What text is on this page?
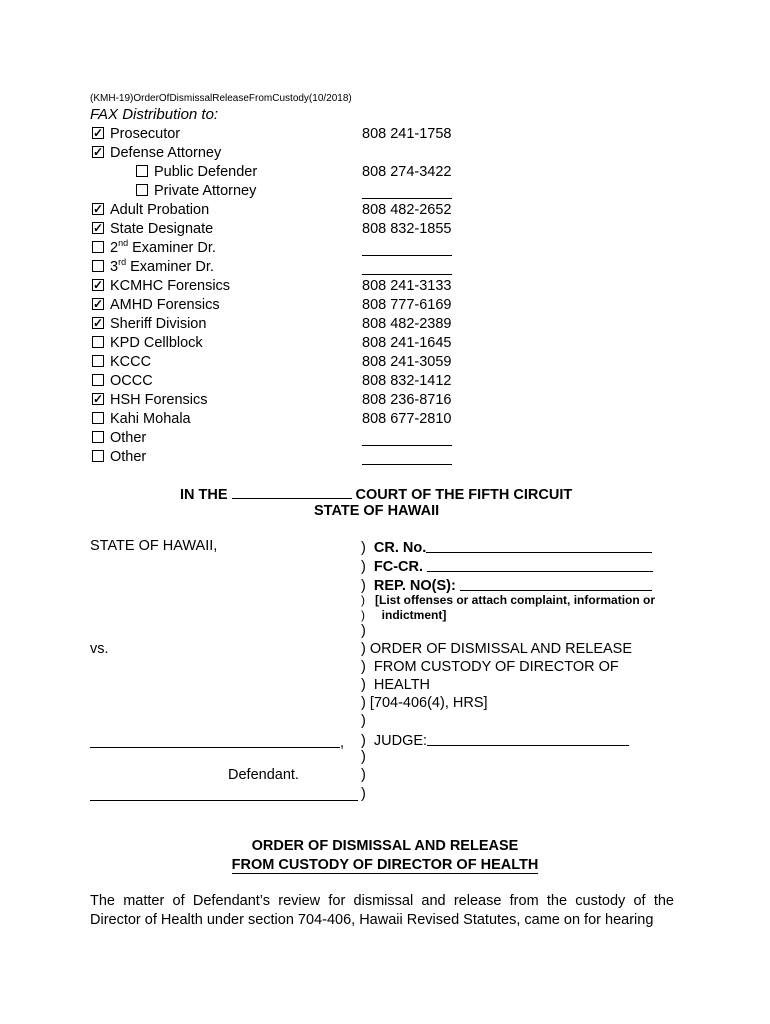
(KMH-19)OrderOfDismissalReleaseFromCustody(10/2018)
FAX Distribution to:
✓ Prosecutor	808 241-1758
✓ Defense Attorney
Public Defender	808 274-3422
Private Attorney
✓ Adult Probation	808 482-2652
✓ State Designate	808 832-1855
2nd Examiner Dr.
3rd Examiner Dr.
✓ KCMHC Forensics	808 241-3133
✓ AMHD Forensics	808 777-6169
✓ Sheriff Division	808 482-2389
KPD Cellblock	808 241-1645
KCCC	808 241-3059
OCCC	808 832-1412
✓ HSH Forensics	808 236-8716
Kahi Mohala	808 677-2810
Other
Other
IN THE	COURT OF THE FIFTH CIRCUIT
STATE OF HAWAII
STATE OF HAWAII,
vs.
,
Defendant.
)  CR. No.
)  FC-CR.
)  REP. NO(S):
)   [List offenses or attach complaint, information or
)     indictment]
)
) ORDER OF DISMISSAL AND RELEASE
)  FROM CUSTODY OF DIRECTOR OF
)  HEALTH
) [704-406(4), HRS]
)
)  JUDGE:
)
)
)
ORDER OF DISMISSAL AND RELEASE
FROM CUSTODY OF DIRECTOR OF HEALTH
The matter of Defendant’s review for dismissal and release from the custody of the Director of Health under section 704-406, Hawaii Revised Statutes, came on for hearing
